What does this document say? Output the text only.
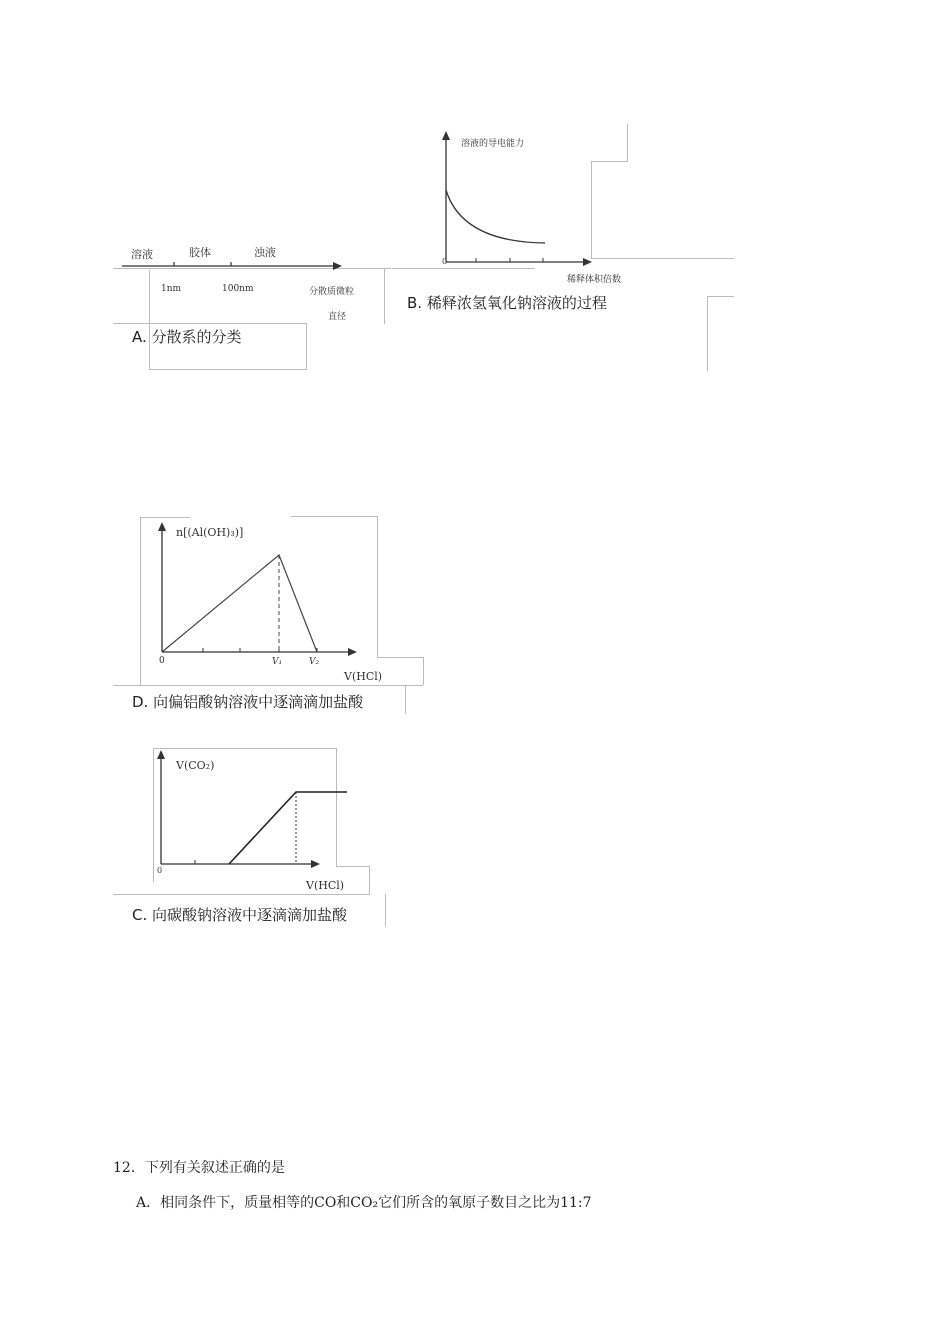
溶液	胶体	浊液
1nm	100nm	分散质微粒
直径
A. 分散系的分类
溶液的导电能力
0
稀释体积倍数
B. 稀释浓氢氧化钠溶液的过程
n[(Al(OH)₃)]
0	V₁	V₂
V(HCl)
D. 向偏铝酸钠溶液中逐滴滴加盐酸
V(CO₂)
0
V(HCl)
C. 向碳酸钠溶液中逐滴滴加盐酸
12．下列有关叙述正确的是
A．相同条件下，质量相等的CO和CO₂它们所含的氧原子数目之比为11:7
